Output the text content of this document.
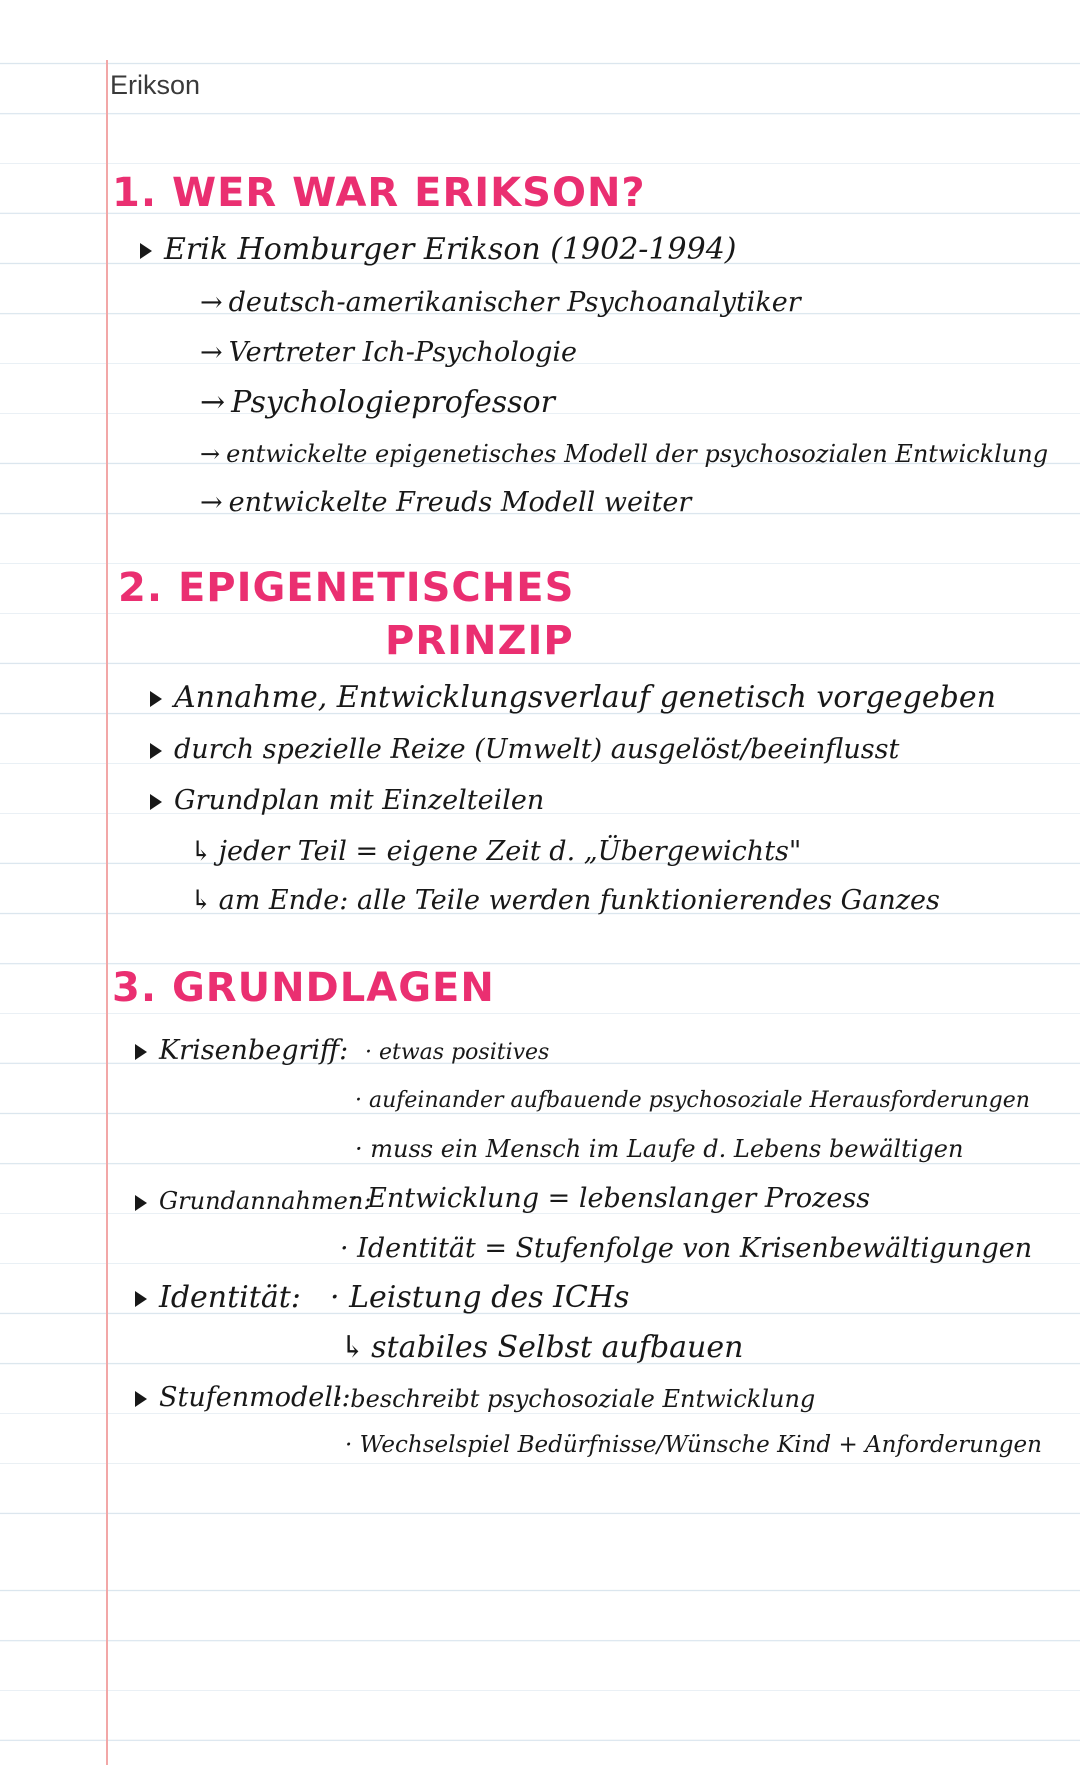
Erikson
1. WER WAR ERIKSON?
Erik Homburger Erikson (1902-1994)
→ deutsch-amerikanischer Psychoanalytiker
→ Vertreter Ich-Psychologie
→ Psychologieprofessor
→ entwickelte epigenetisches Modell der psychosozialen Entwicklung
→ entwickelte Freuds Modell weiter
2. EPIGENETISCHES
PRINZIP
Annahme, Entwicklungsverlauf genetisch vorgegeben
durch spezielle Reize (Umwelt) ausgelöst/beeinflusst
Grundplan mit Einzelteilen
↳ jeder Teil = eigene Zeit d. „Übergewichts"
↳ am Ende: alle Teile werden funktionierendes Ganzes
3. GRUNDLAGEN
Krisenbegriff: · etwas positives
· aufeinander aufbauende psychosoziale Herausforderungen
· muss ein Mensch im Laufe d. Lebens bewältigen
Grundannahmen:
· Entwicklung = lebenslanger Prozess
· Identität = Stufenfolge von Krisenbewältigungen
Identität: · Leistung des ICHs
↳ stabiles Selbst aufbauen
Stufenmodell:
· beschreibt psychosoziale Entwicklung
· Wechselspiel Bedürfnisse/Wünsche Kind + Anforderungen
